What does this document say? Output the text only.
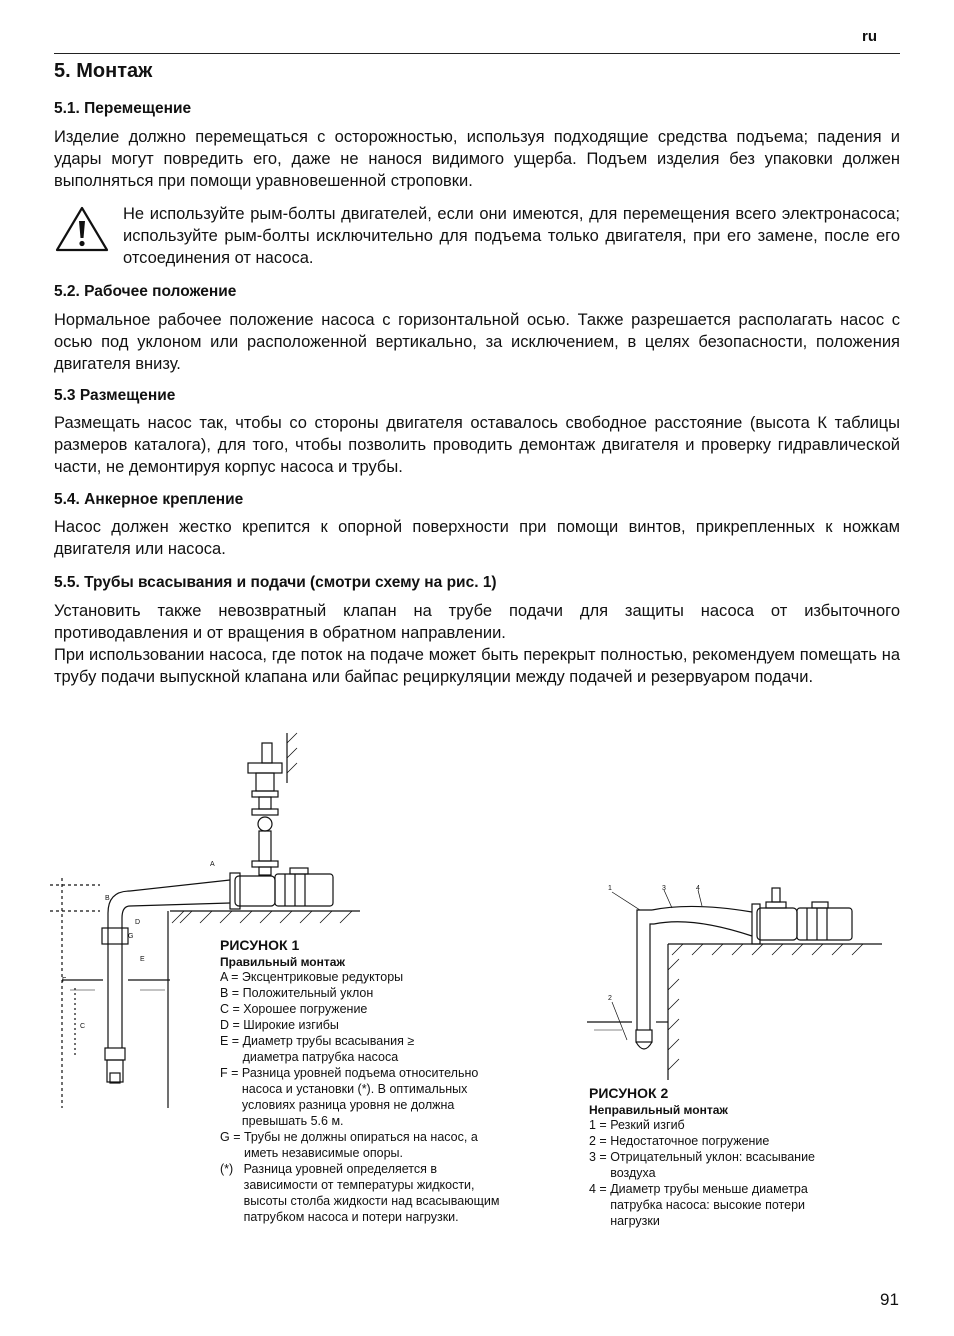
ru
5. Монтаж
5.1. Перемещение
Изделие должно перемещаться с осторожностью, используя подходящие средства подъема; падения и удары могут повредить его, даже не нанося видимого ущерба. Подъем изделия без упаковки должен выполняться при помощи уравновешенной строповки.
Не используйте рым-болты двигателей, если они имеются, для перемещения всего электронасоса; используйте рым-болты исключительно для подъема только двигателя, при его замене, после его отсоединения от насоса.
5.2. Рабочее положение
Нормальное рабочее положение насоса с горизонтальной осью. Также разрешается располагать насос с осью под уклоном или расположенной вертикально, за исключением, в целях безопасности, положения двигателя внизу.
5.3 Размещение
Размещать насос так, чтобы со стороны двигателя оставалось свободное расстояние (высота К таблицы размеров каталога), для того, чтобы позволить проводить демонтаж двигателя и проверку гидравлической части, не демонтируя корпус насоса и трубы.
5.4. Анкерное крепление
Насос должен жестко крепится к опорной поверхности при помощи винтов, прикрепленных к ножкам двигателя или насоса.
5.5. Трубы всасывания и подачи (смотри схему на рис. 1)
Установить также невозвратный клапан на трубе подачи для защиты насоса от избыточного противодавления и от вращения в обратном направлении.
При использовании насоса, где поток на подаче может быть перекрыт полностью, рекомендуем помещать на трубу подачи выпускной клапана или байпас рециркуляции между подачей и резервуаром подачи.
A
B
D
G
E
F
C
РИСУНОК 1
Правильный монтаж
A = Эксцентриковые редукторы
B = Положительный уклон
C = Хорошее погружение
D = Широкие изгибы
E = Диаметр трубы всасывания ≥ диаметра патрубка насоса
F = Разница уровней подъема относительно насоса и установки (*). В оптимальных условиях разница уровня не должна превышать 5.6 м.
G = Трубы не должны опираться на насос, а иметь независимые опоры.
(*) Разница уровней определяется в зависимости от температуры жидкости, высоты столба жидкости над всасывающим патрубком насоса и потери нагрузки.
1	3	4
2
РИСУНОК 2
Неправильный монтаж
1 = Резкий изгиб
2 = Недостаточное погружение
3 = Отрицательный уклон: всасывание воздуха
4 = Диаметр трубы меньше диаметра патрубка насоса: высокие потери нагрузки
91
